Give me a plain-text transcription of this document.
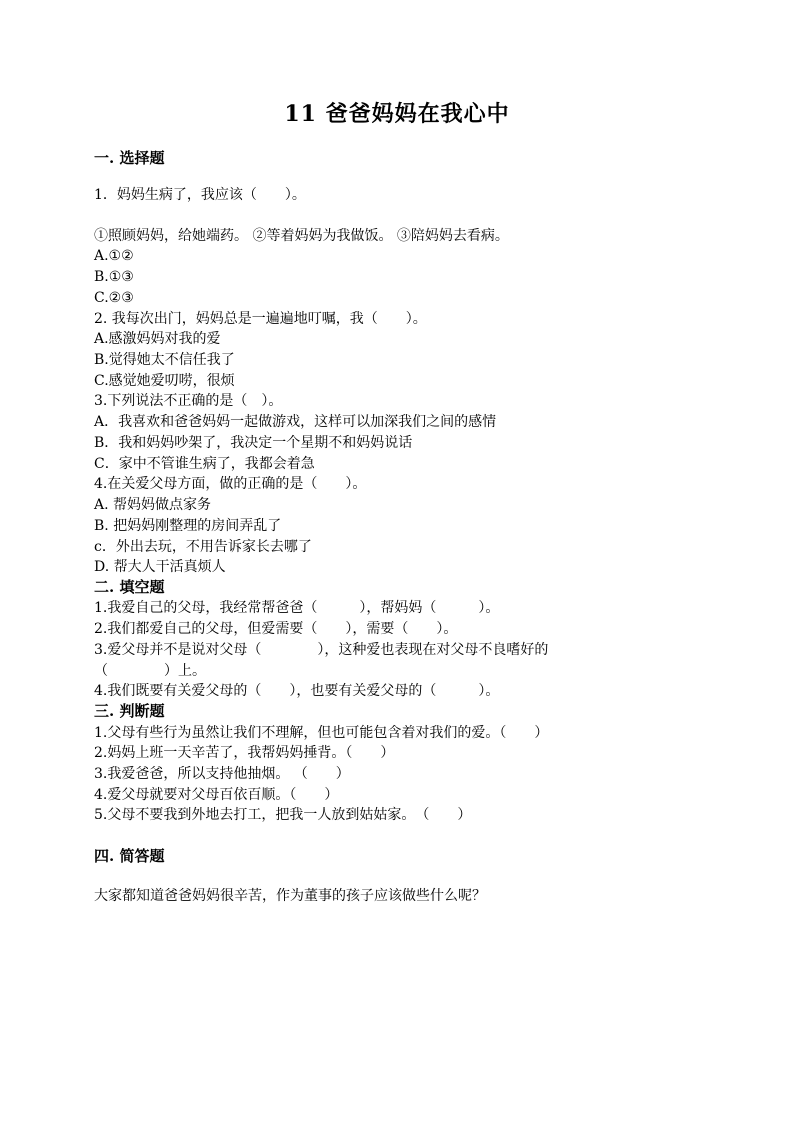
11 爸爸妈妈在我心中
一. 选择题
1．妈妈生病了，我应该（　　）。
①照顾妈妈，给她端药。 ②等着妈妈为我做饭。 ③陪妈妈去看病。
A.①②
B.①③
C.②③
2. 我每次出门，妈妈总是一遍遍地叮嘱，我（　　）。
A.感激妈妈对我的爱
B.觉得她太不信任我了
C.感觉她爱叨唠，很烦
3.下列说法不正确的是（　）。
A．我喜欢和爸爸妈妈一起做游戏，这样可以加深我们之间的感情
B．我和妈妈吵架了，我决定一个星期不和妈妈说话
C．家中不管谁生病了，我都会着急
4.在关爱父母方面，做的正确的是（　　）。
A. 帮妈妈做点家务
B. 把妈妈刚整理的房间弄乱了
c．外出去玩，不用告诉家长去哪了
D. 帮大人干活真烦人
二. 填空题
1.我爱自己的父母，我经常帮爸爸（　　　），帮妈妈（　　　）。
2.我们都爱自己的父母，但爱需要（　　），需要（　　）。
3.爱父母并不是说对父母（　　　　），这种爱也表现在对父母不良嗜好的
（　　　　）上。
4.我们既要有关爱父母的（　　），也要有关爱父母的（　　　）。
三. 判断题
1.父母有些行为虽然让我们不理解，但也可能包含着对我们的爱。（　　）
2.妈妈上班一天辛苦了，我帮妈妈捶背。（　　）
3.我爱爸爸，所以支持他抽烟。 （　　）
4.爱父母就要对父母百依百顺。（　　）
5.父母不要我到外地去打工，把我一人放到姑姑家。　（　　）
四. 简答题
大家都知道爸爸妈妈很辛苦，作为董事的孩子应该做些什么呢？
